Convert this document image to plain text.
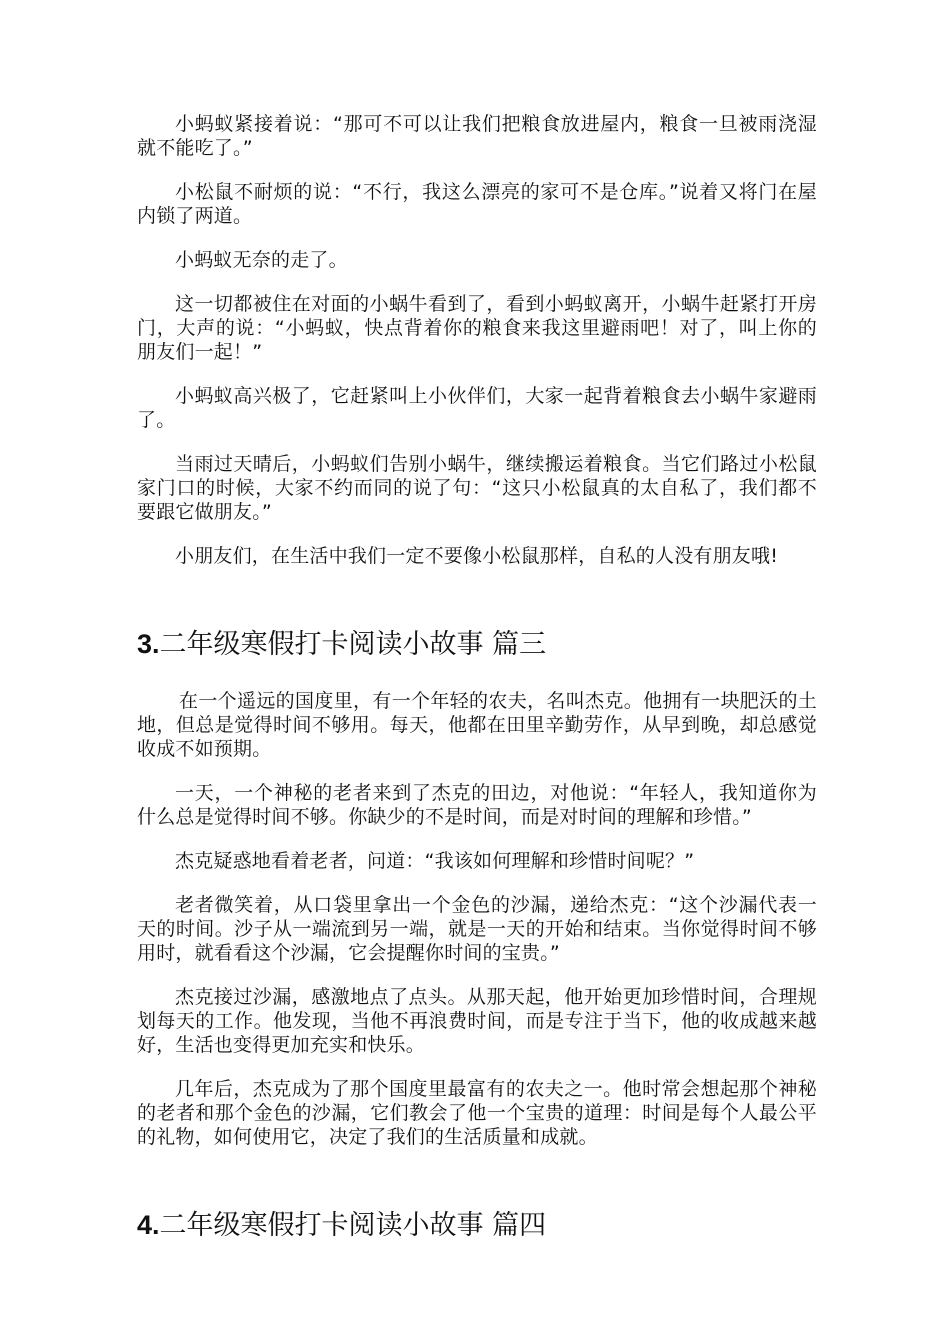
小蚂蚁紧接着说：“那可不可以让我们把粮食放进屋内，粮食一旦被雨浇湿就不能吃了。”

小松鼠不耐烦的说：“不行，我这么漂亮的家可不是仓库。”说着又将门在屋内锁了两道。

小蚂蚁无奈的走了。

这一切都被住在对面的小蜗牛看到了，看到小蚂蚁离开，小蜗牛赶紧打开房门，大声的说：“小蚂蚁，快点背着你的粮食来我这里避雨吧！对了，叫上你的朋友们一起！”

小蚂蚁高兴极了，它赶紧叫上小伙伴们，大家一起背着粮食去小蜗牛家避雨了。

当雨过天晴后，小蚂蚁们告别小蜗牛，继续搬运着粮食。当它们路过小松鼠家门口的时候，大家不约而同的说了句：“这只小松鼠真的太自私了，我们都不要跟它做朋友。”

小朋友们，在生活中我们一定不要像小松鼠那样，自私的人没有朋友哦!

3.二年级寒假打卡阅读小故事 篇三

在一个遥远的国度里，有一个年轻的农夫，名叫杰克。他拥有一块肥沃的土地，但总是觉得时间不够用。每天，他都在田里辛勤劳作，从早到晚，却总感觉收成不如预期。

一天，一个神秘的老者来到了杰克的田边，对他说：“年轻人，我知道你为什么总是觉得时间不够。你缺少的不是时间，而是对时间的理解和珍惜。”

杰克疑惑地看着老者，问道：“我该如何理解和珍惜时间呢？”

老者微笑着，从口袋里拿出一个金色的沙漏，递给杰克：“这个沙漏代表一天的时间。沙子从一端流到另一端，就是一天的开始和结束。当你觉得时间不够用时，就看看这个沙漏，它会提醒你时间的宝贵。”

杰克接过沙漏，感激地点了点头。从那天起，他开始更加珍惜时间，合理规划每天的工作。他发现，当他不再浪费时间，而是专注于当下，他的收成越来越好，生活也变得更加充实和快乐。

几年后，杰克成为了那个国度里最富有的农夫之一。他时常会想起那个神秘的老者和那个金色的沙漏，它们教会了他一个宝贵的道理：时间是每个人最公平的礼物，如何使用它，决定了我们的生活质量和成就。

4.二年级寒假打卡阅读小故事 篇四
